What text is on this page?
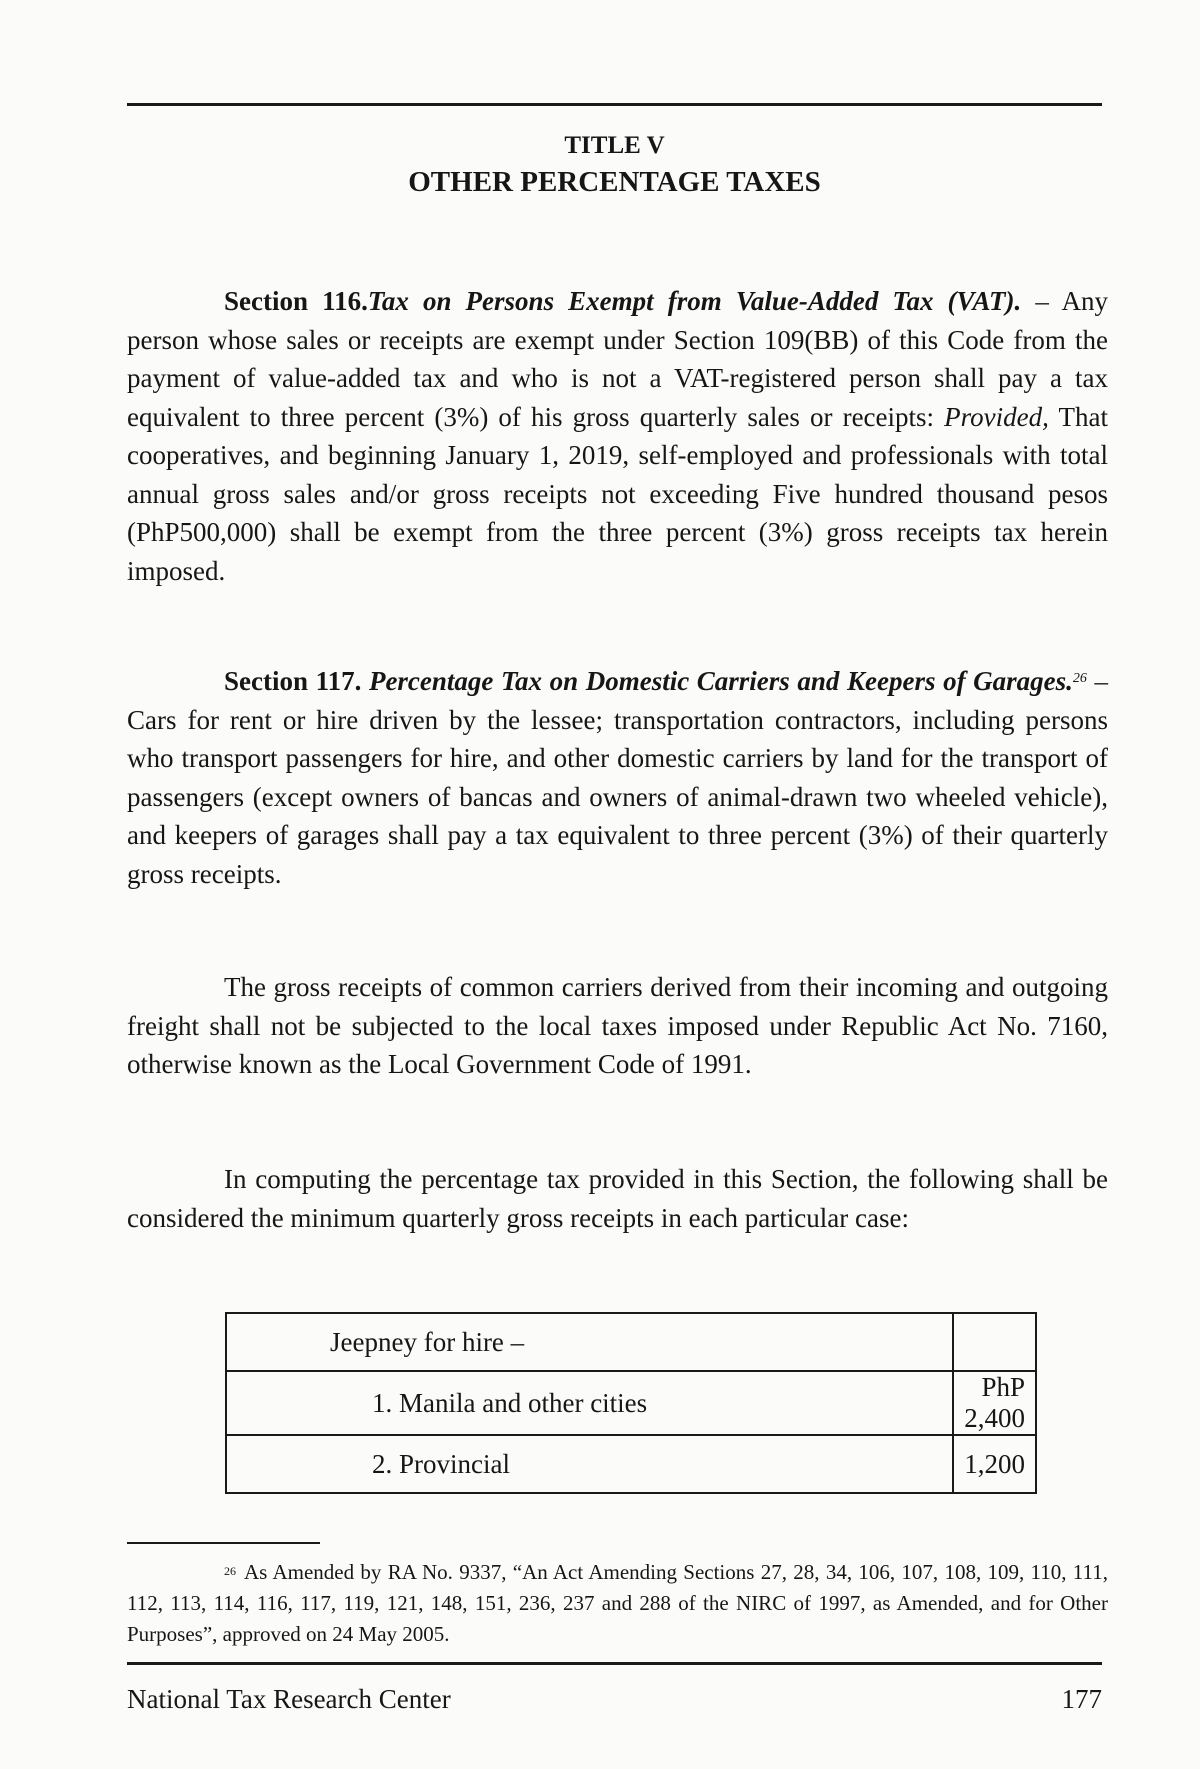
TITLE V
OTHER PERCENTAGE TAXES

Section 116.Tax on Persons Exempt from Value-Added Tax (VAT). – Any person whose sales or receipts are exempt under Section 109(BB) of this Code from the payment of value-added tax and who is not a VAT-registered person shall pay a tax equivalent to three percent (3%) of his gross quarterly sales or receipts: Provided, That cooperatives, and beginning January 1, 2019, self-employed and professionals with total annual gross sales and/or gross receipts not exceeding Five hundred thousand pesos (PhP500,000) shall be exempt from the three percent (3%) gross receipts tax herein imposed.

Section 117. Percentage Tax on Domestic Carriers and Keepers of Garages.$^{26}$ – Cars for rent or hire driven by the lessee; transportation contractors, including persons who transport passengers for hire, and other domestic carriers by land for the transport of passengers (except owners of bancas and owners of animal-drawn two wheeled vehicle), and keepers of garages shall pay a tax equivalent to three percent (3%) of their quarterly gross receipts.

The gross receipts of common carriers derived from their incoming and outgoing freight shall not be subjected to the local taxes imposed under Republic Act No. 7160, otherwise known as the Local Government Code of 1991.

In computing the percentage tax provided in this Section, the following shall be considered the minimum quarterly gross receipts in each particular case:

Jeepney for hire –	
1. Manila and other cities	PhP 2,400
2. Provincial	1,200

$^{26}$ As Amended by RA No. 9337, “An Act Amending Sections 27, 28, 34, 106, 107, 108, 109, 110, 111, 112, 113, 114, 116, 117, 119, 121, 148, 151, 236, 237 and 288 of the NIRC of 1997, as Amended, and for Other Purposes”, approved on 24 May 2005.

National Tax Research Center	177
